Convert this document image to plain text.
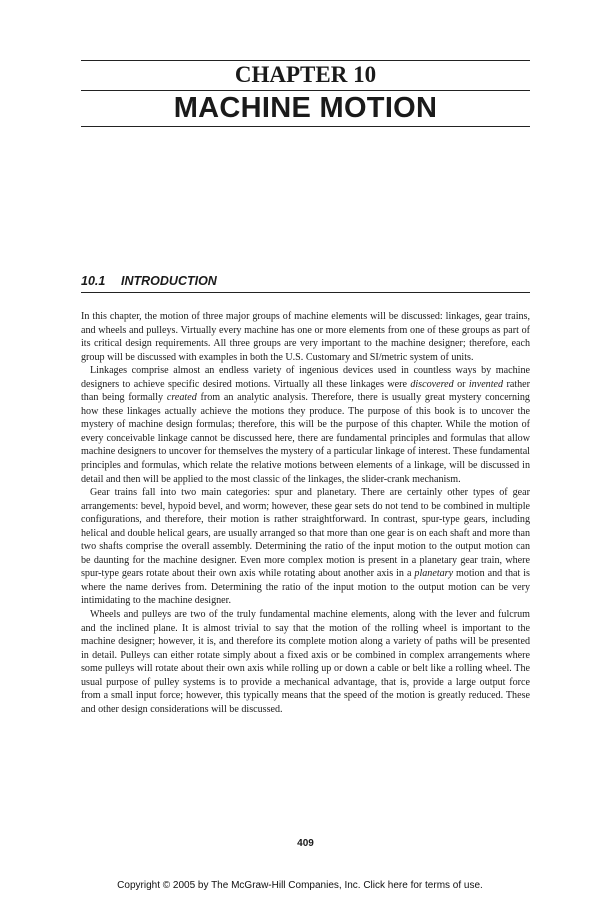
CHAPTER 10
MACHINE MOTION
10.1 INTRODUCTION

In this chapter, the motion of three major groups of machine elements will be discussed: linkages, gear trains, and wheels and pulleys. Virtually every machine has one or more elements from one of these groups as part of its critical design requirements. All three groups are very important to the machine designer; therefore, each group will be discussed with examples in both the U.S. Customary and SI/metric system of units.

Linkages comprise almost an endless variety of ingenious devices used in countless ways by machine designers to achieve specific desired motions. Virtually all these linkages were discovered or invented rather than being formally created from an analytic analysis. Therefore, there is usually great mystery concerning how these linkages actually achieve the motions they produce. The purpose of this book is to uncover the mystery of machine design formulas; therefore, this will be the purpose of this chapter. While the motion of every conceivable linkage cannot be discussed here, there are fundamental principles and formulas that allow machine designers to uncover for themselves the mystery of a particular linkage of interest. These fundamental principles and formulas, which relate the relative motions between elements of a linkage, will be discussed in detail and then will be applied to the most classic of the linkages, the slider-crank mechanism.

Gear trains fall into two main categories: spur and planetary. There are certainly other types of gear arrangements: bevel, hypoid bevel, and worm; however, these gear sets do not tend to be combined in multiple configurations, and therefore, their motion is rather straightforward. In contrast, spur-type gears, including helical and double helical gears, are usually arranged so that more than one gear is on each shaft and more than two shafts comprise the overall assembly. Determining the ratio of the input motion to the output motion can be daunting for the machine designer. Even more complex motion is present in a planetary gear train, where spur-type gears rotate about their own axis while rotating about another axis in a planetary motion and that is where the name derives from. Determining the ratio of the input motion to the output motion can be very intimidating to the machine designer.

Wheels and pulleys are two of the truly fundamental machine elements, along with the lever and fulcrum and the inclined plane. It is almost trivial to say that the motion of the rolling wheel is important to the machine designer; however, it is, and therefore its complete motion along a variety of paths will be presented in detail. Pulleys can either rotate simply about a fixed axis or be combined in complex arrangements where some pulleys will rotate about their own axis while rolling up or down a cable or belt like a rolling wheel. The usual purpose of pulley systems is to provide a mechanical advantage, that is, provide a large output force from a small input force; however, this typically means that the speed of the motion is greatly reduced. These and other design considerations will be discussed.

409
Copyright © 2005 by The McGraw-Hill Companies, Inc. Click here for terms of use.
